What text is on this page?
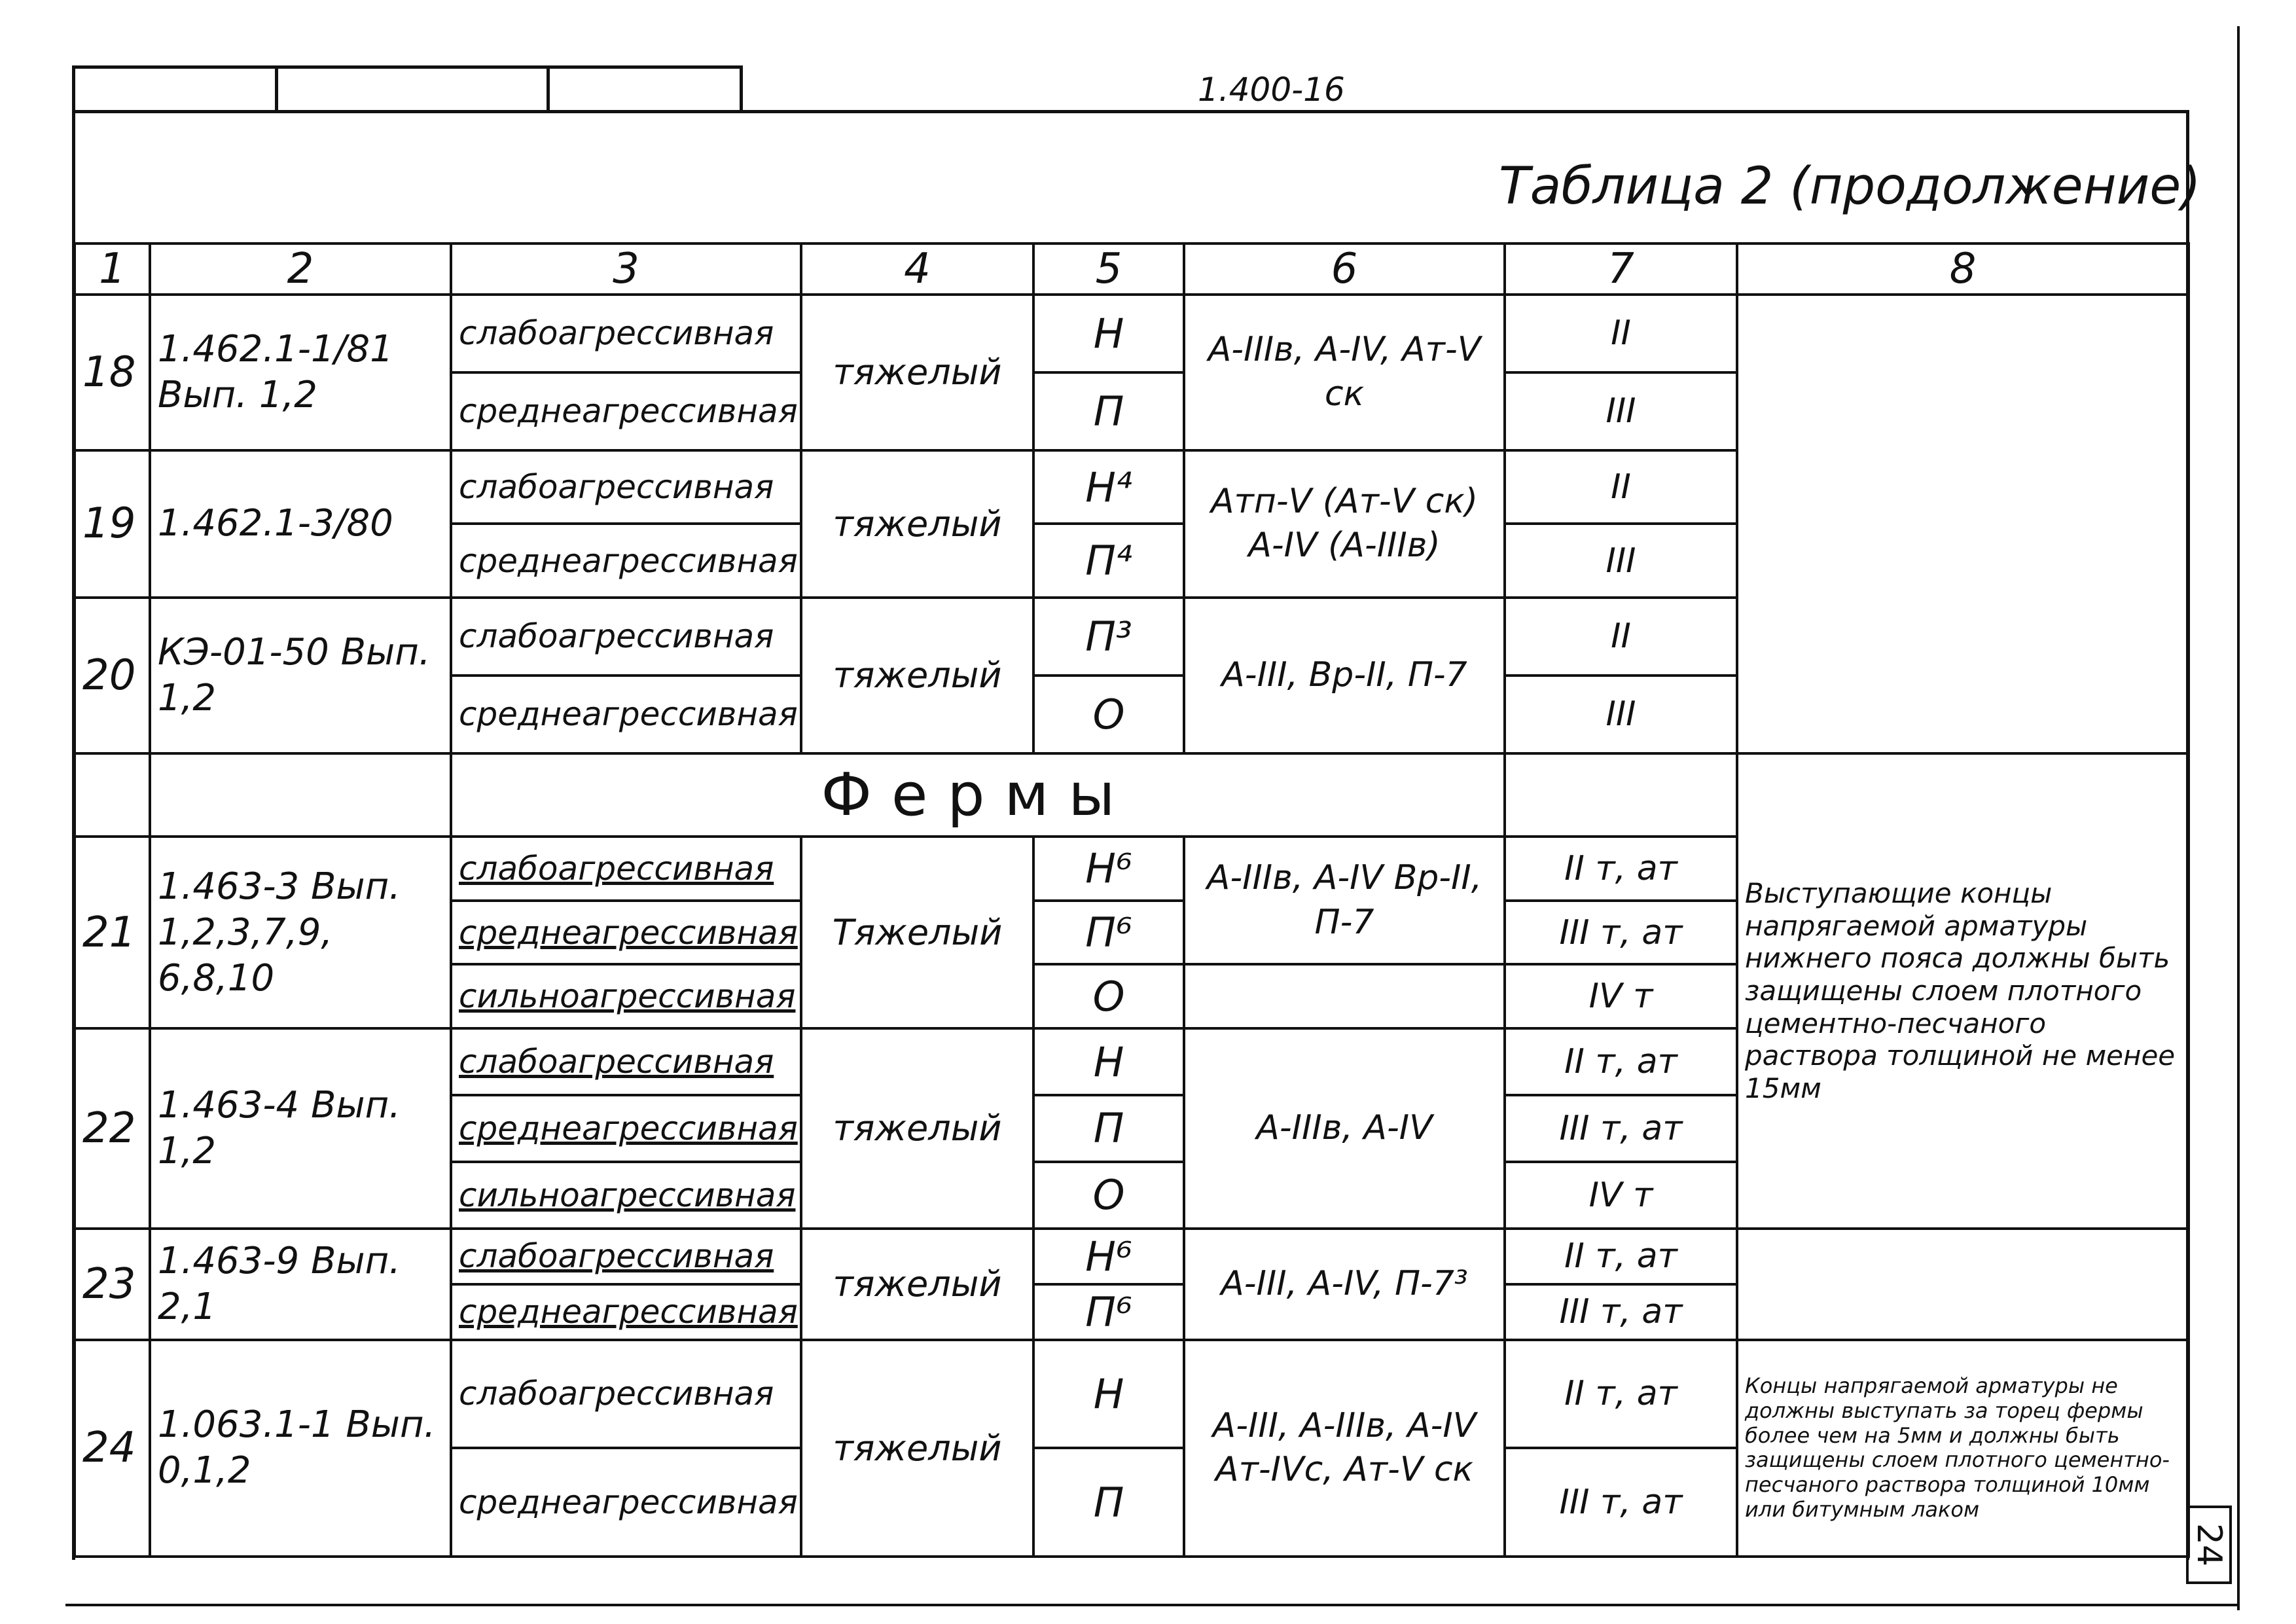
1.400-16
Таблица 2 (продолжение)
1	2	3	4	5	6	7	8
18	1.462.1-1/81 Вып. 1,2	слабоагрессивная	тяжелый	Н	А-IIIв, А-IV, Ат-V ск	II	
		среднеагрессивная		П		III	
19	1.462.1-3/80	слабоагрессивная	тяжелый	Н⁴	Атп-V (Ат-V ск) А-IV (А-IIIв)	II	
		среднеагрессивная		П⁴		III	
20	КЭ-01-50 Вып. 1,2	слабоагрессивная	тяжелый	П³	А-III, Вр-II, П-7	II	
		среднеагрессивная		О		III	
		Фермы					Выступающие концы напрягаемой арматуры нижнего пояса должны быть защищены слоем плотного цементно-песчаного раствора толщиной не менее 15мм
21	1.463-3 Вып. 1,2,3,7,9, 6,8,10	слабоагрессивная	Тяжелый	Н⁶	А-IIIв, А-IV Вр-II, П-7	II т, ат	
		среднеагрессивная		П⁶		III т, ат	
		сильноагрессивная		О		IV т	
22	1.463-4 Вып. 1,2	слабоагрессивная	тяжелый	Н	А-IIIв, А-IV	II т, ат	
		среднеагрессивная		П		III т, ат	
		сильноагрессивная		О		IV т	
23	1.463-9 Вып. 2,1	слабоагрессивная	тяжелый	Н⁶	А-III, А-IV, П-7³	II т, ат	
		среднеагрессивная		П⁶		III т, ат	
24	1.063.1-1 Вып. 0,1,2	слабоагрессивная	тяжелый	Н	А-III, А-IIIв, А-IV Ат-IVс, Ат-V ск	II т, ат	Концы напрягаемой арматуры не должны выступать за торец фермы более чем на 5мм и должны быть защищены слоем плотного цементно-песчаного раствора толщиной 10мм или битумным лаком
		среднеагрессивная		П		III т, ат	
24
